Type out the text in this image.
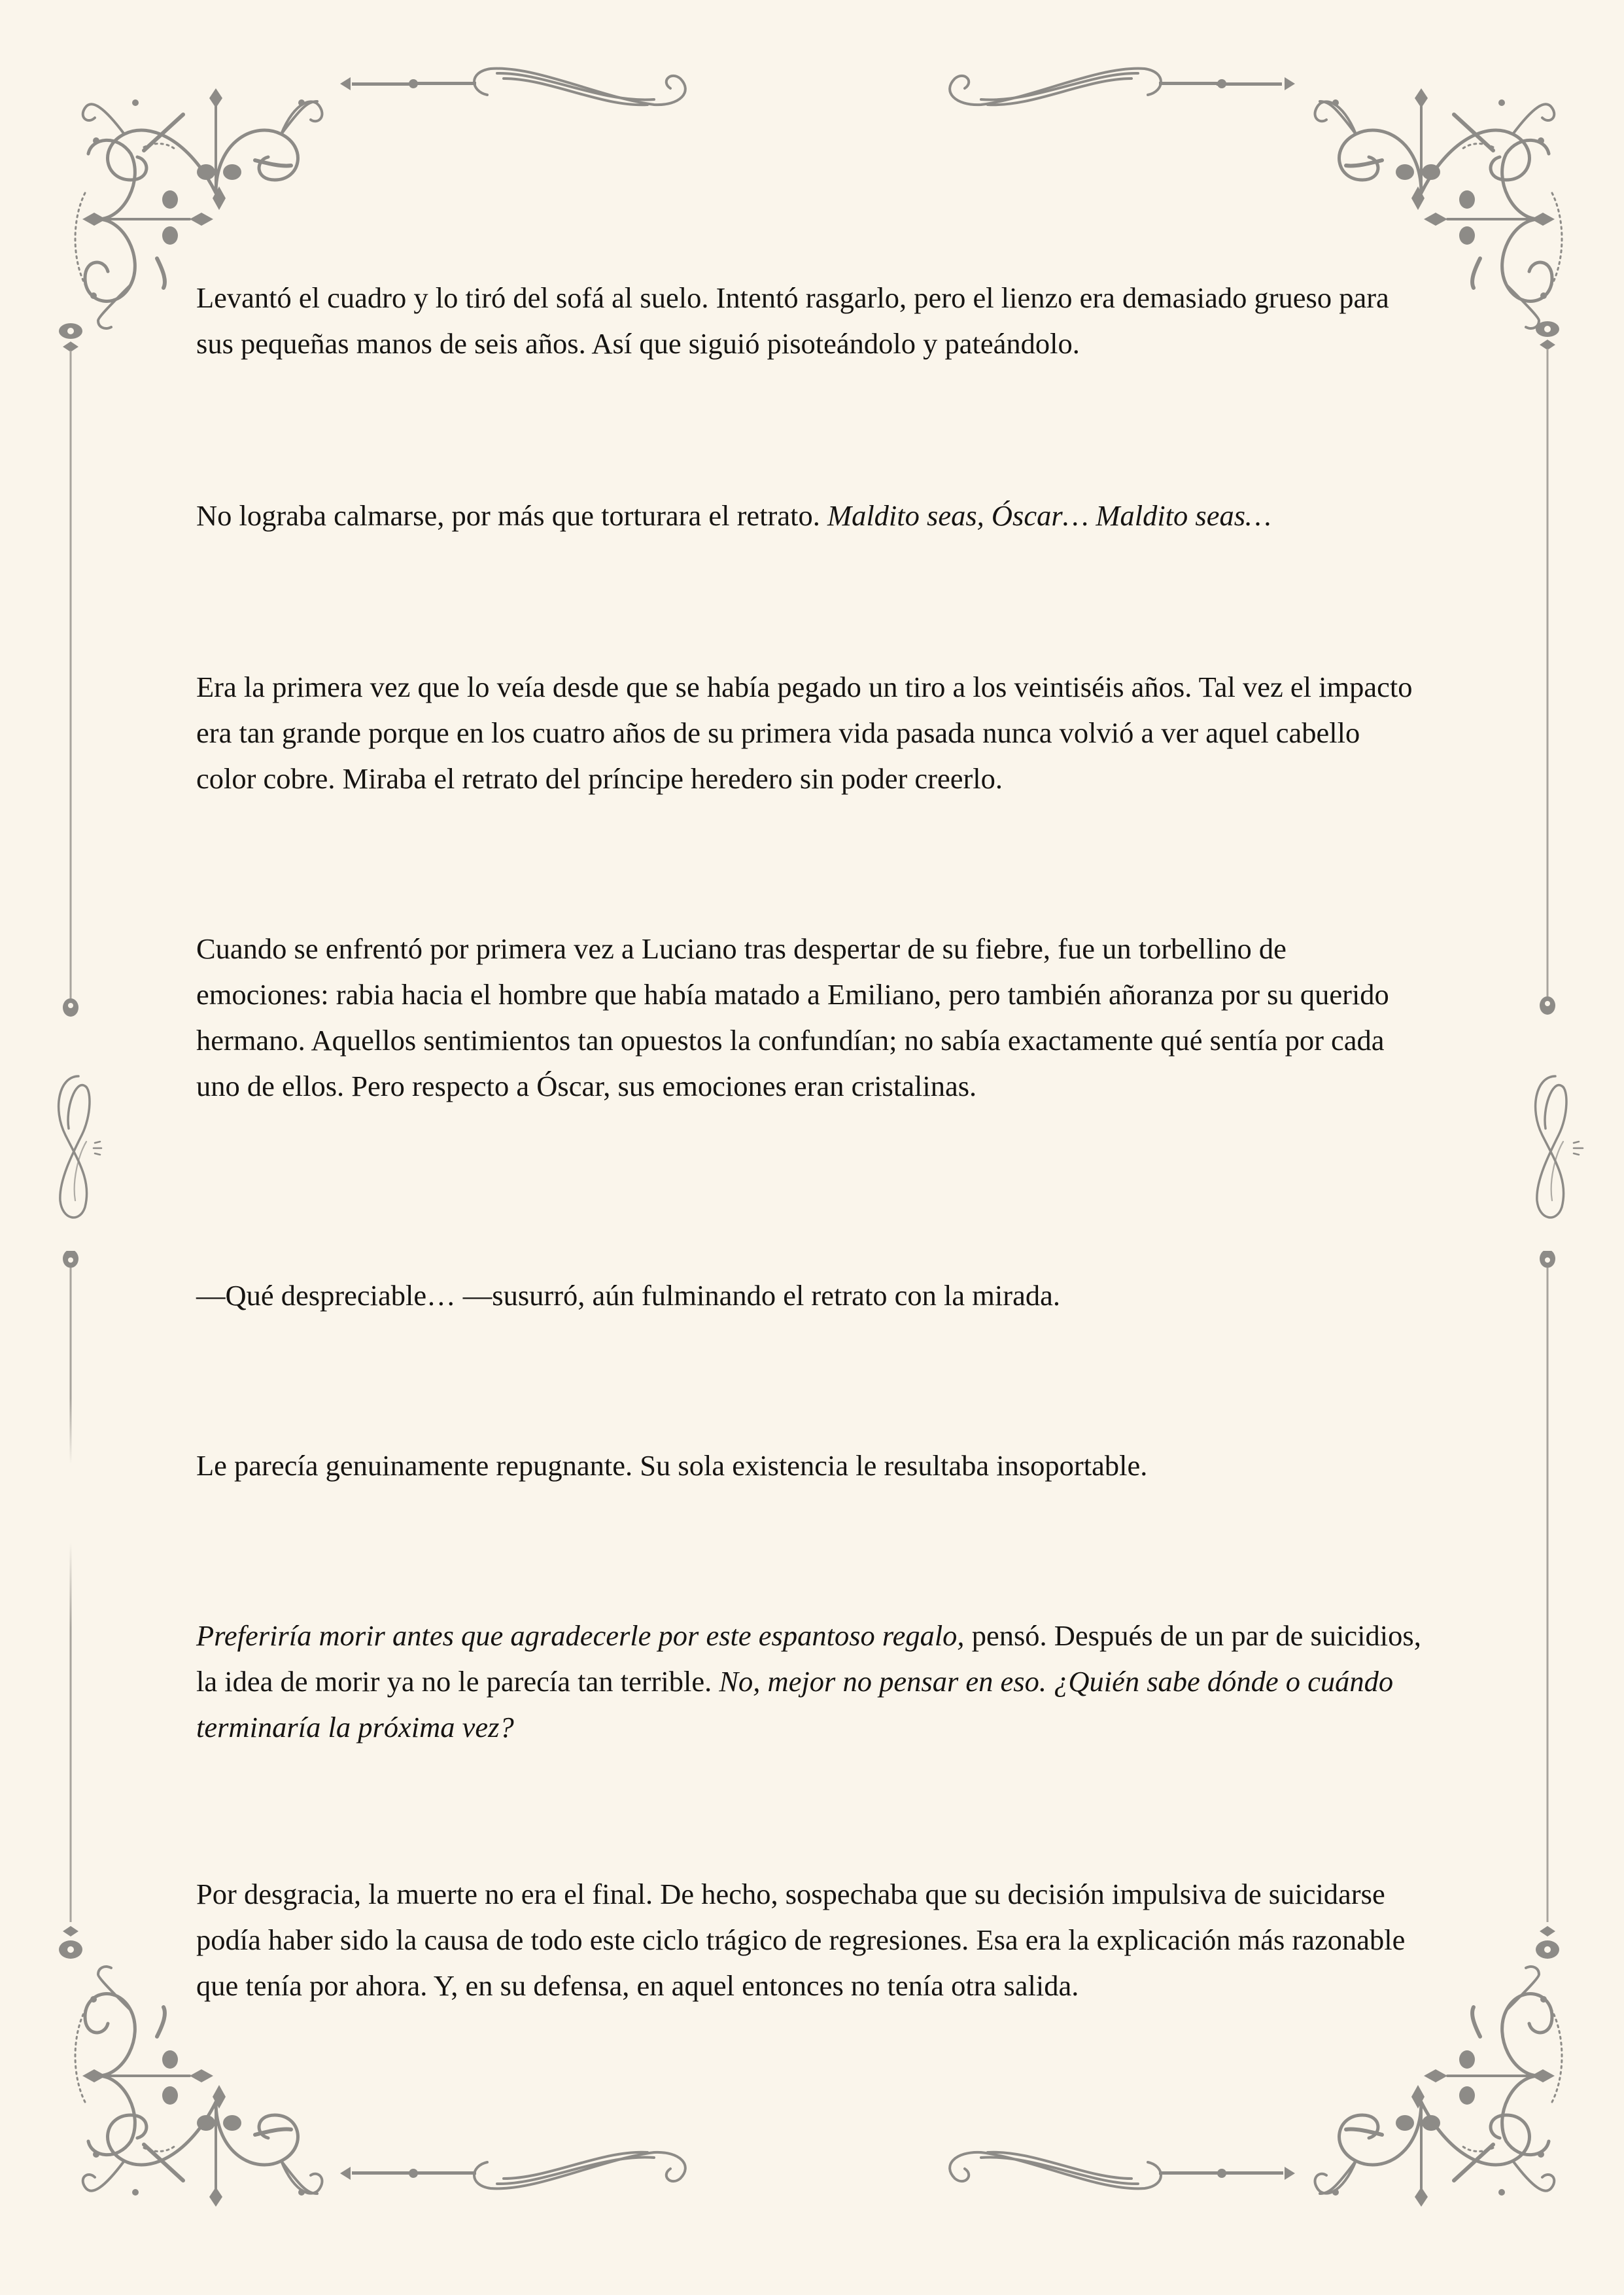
Levantó el cuadro y lo tiró del sofá al suelo. Intentó rasgarlo, pero el lienzo era demasiado grueso para sus pequeñas manos de seis años. Así que siguió pisoteándolo y pateándolo.

No lograba calmarse, por más que torturara el retrato. Maldito seas, Óscar… Maldito seas…

Era la primera vez que lo veía desde que se había pegado un tiro a los veintiséis años. Tal vez el impacto era tan grande porque en los cuatro años de su primera vida pasada nunca volvió a ver aquel cabello color cobre. Miraba el retrato del príncipe heredero sin poder creerlo.

Cuando se enfrentó por primera vez a Luciano tras despertar de su fiebre, fue un torbellino de emociones: rabia hacia el hombre que había matado a Emiliano, pero también añoranza por su querido hermano. Aquellos sentimientos tan opuestos la confundían; no sabía exactamente qué sentía por cada uno de ellos. Pero respecto a Óscar, sus emociones eran cristalinas.

—Qué despreciable… —susurró, aún fulminando el retrato con la mirada.

Le parecía genuinamente repugnante. Su sola existencia le resultaba insoportable.

Preferiría morir antes que agradecerle por este espantoso regalo, pensó. Después de un par de suicidios, la idea de morir ya no le parecía tan terrible. No, mejor no pensar en eso. ¿Quién sabe dónde o cuándo terminaría la próxima vez?

Por desgracia, la muerte no era el final. De hecho, sospechaba que su decisión impulsiva de suicidarse podía haber sido la causa de todo este ciclo trágico de regresiones. Esa era la explicación más razonable que tenía por ahora. Y, en su defensa, en aquel entonces no tenía otra salida.
